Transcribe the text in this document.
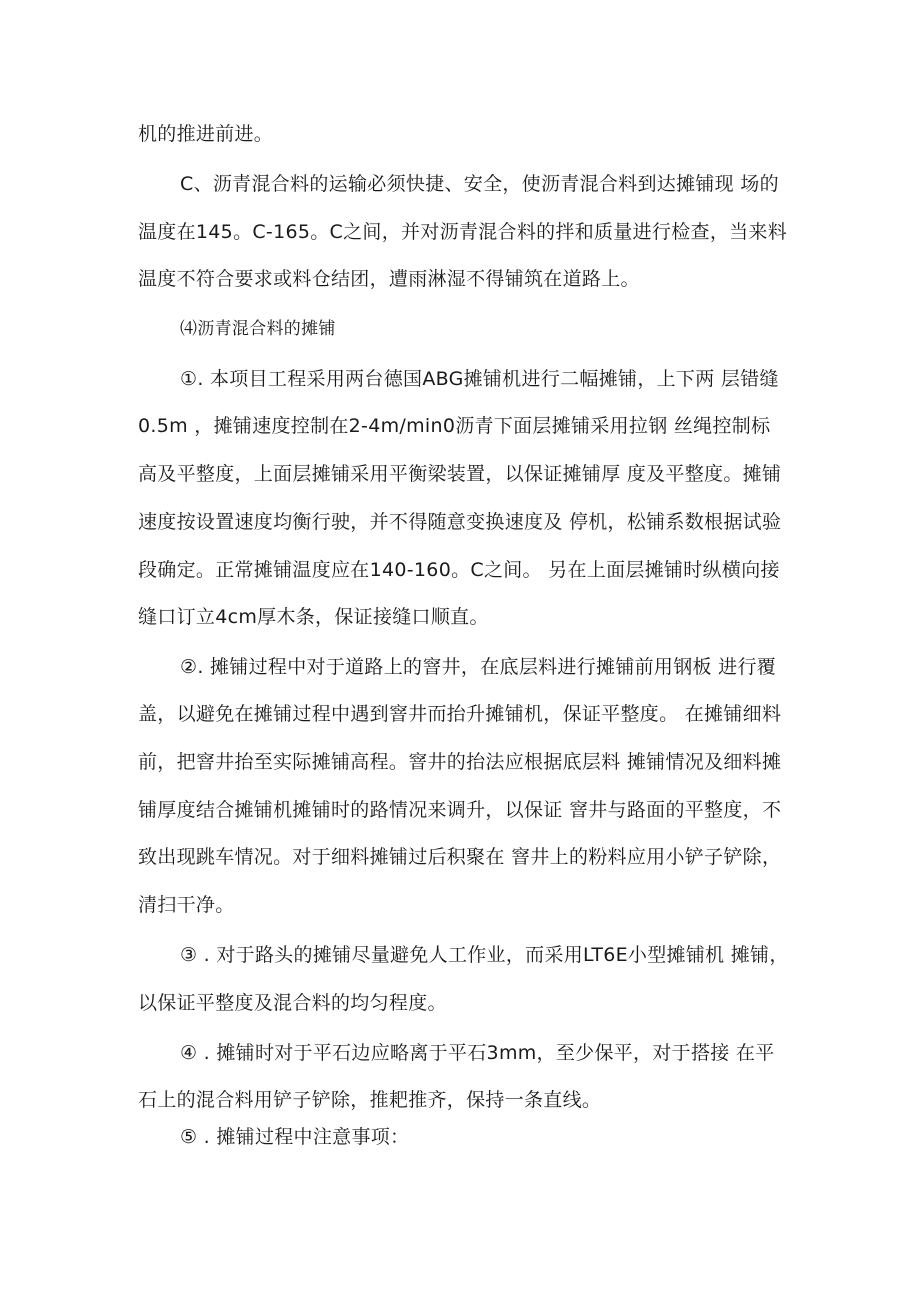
机的推进前进。
C、沥青混合料的运输必须快捷、安全，使沥青混合料到达摊铺现 场的
温度在145。C-165。C之间，并对沥青混合料的拌和质量进行检查，当来料
温度不符合要求或料仓结团，遭雨淋湿不得铺筑在道路上。
⑷沥青混合料的摊铺
①. 本项目工程采用两台德国ABG摊铺机进行二幅摊铺，上下两 层错缝
0.5m ，摊铺速度控制在2-4m/min0沥青下面层摊铺采用拉钢 丝绳控制标
高及平整度，上面层摊铺采用平衡梁装置，以保证摊铺厚 度及平整度。摊铺
速度按设置速度均衡行驶，并不得随意变换速度及 停机，松铺系数根据试验
段确定。正常摊铺温度应在140-160。C之间。 另在上面层摊铺时纵横向接
缝口订立4cm厚木条，保证接缝口顺直。
②. 摊铺过程中对于道路上的窨井，在底层料进行摊铺前用钢板 进行覆
盖，以避免在摊铺过程中遇到窨井而抬升摊铺机，保证平整度。 在摊铺细料
前，把窨井抬至实际摊铺高程。窨井的抬法应根据底层料 摊铺情况及细料摊
铺厚度结合摊铺机摊铺时的路情况来调升，以保证 窨井与路面的平整度，不
致出现跳车情况。对于细料摊铺过后积聚在 窨井上的粉料应用小铲子铲除，
清扫干净。
③ . 对于路头的摊铺尽量避免人工作业，而采用LT6E小型摊铺机 摊铺，
以保证平整度及混合料的均匀程度。
④ . 摊铺时对于平石边应略离于平石3mm，至少保平，对于搭接 在平
石上的混合料用铲子铲除，推耙推齐，保持一条直线。
⑤ . 摊铺过程中注意事项：
